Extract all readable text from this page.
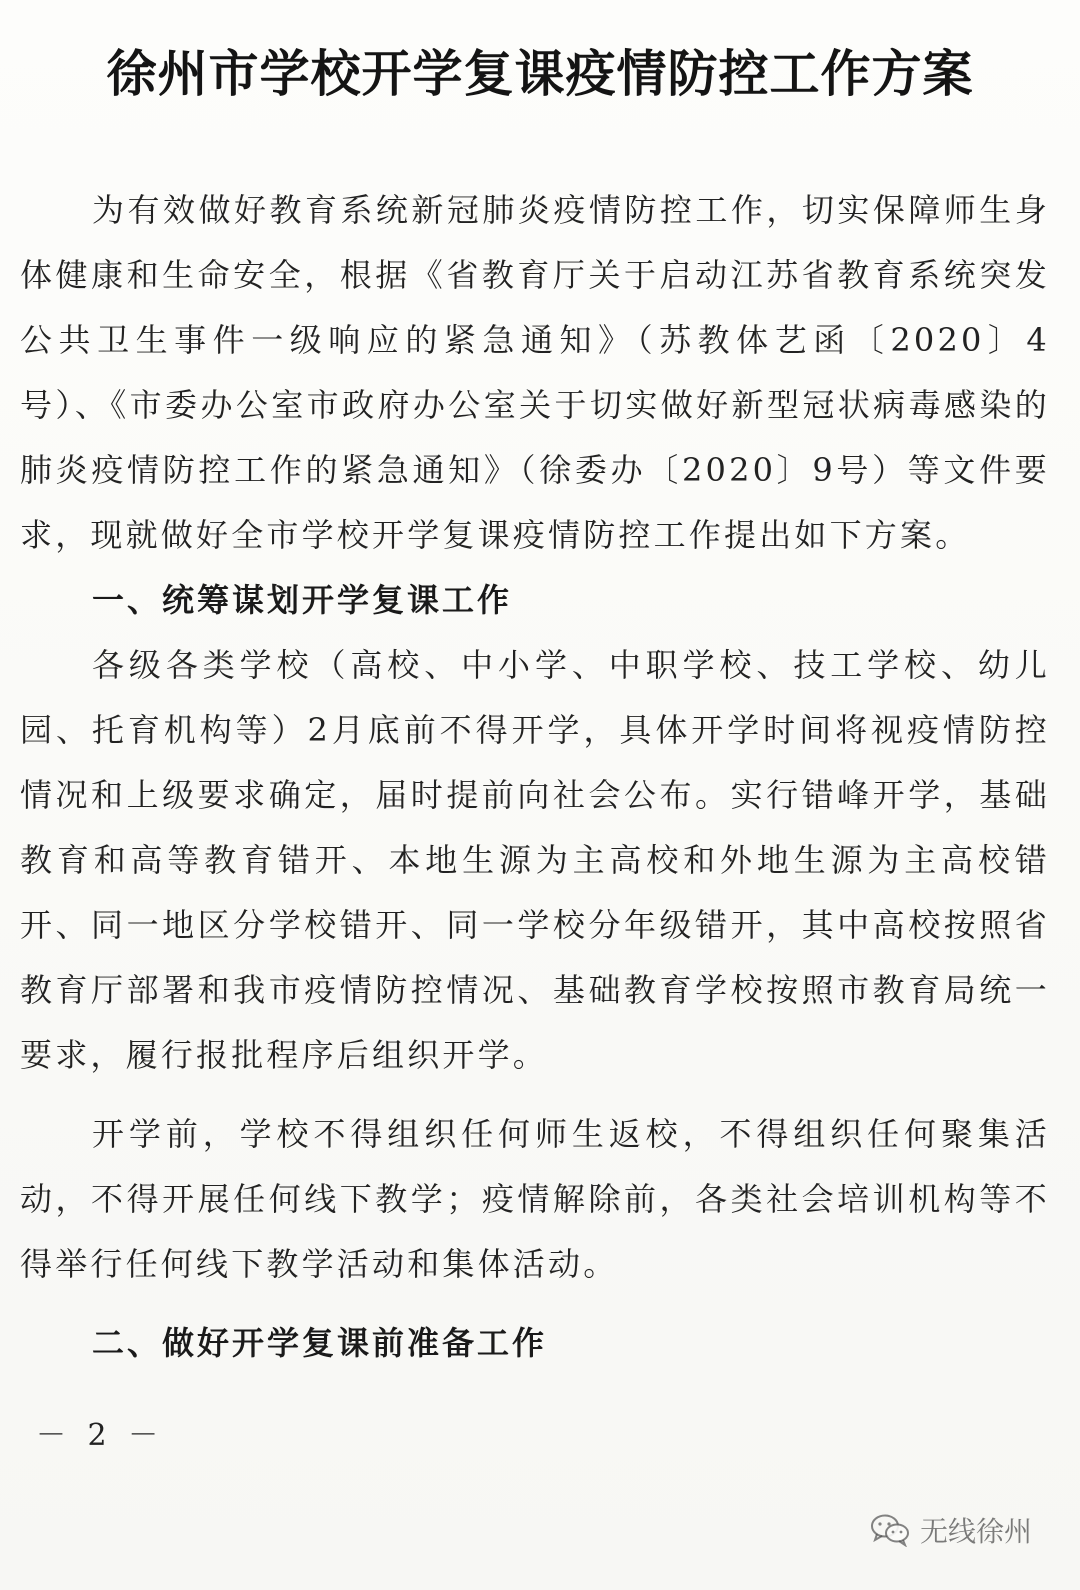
徐州市学校开学复课疫情防控工作方案

为有效做好教育系统新冠肺炎疫情防控工作，切实保障师生身体健康和生命安全，根据《省教育厅关于启动江苏省教育系统突发公共卫生事件一级响应的紧急通知》（苏教体艺函〔2020〕4号）、《市委办公室市政府办公室关于切实做好新型冠状病毒感染的肺炎疫情防控工作的紧急通知》（徐委办〔2020〕9号）等文件要求，现就做好全市学校开学复课疫情防控工作提出如下方案。

一、统筹谋划开学复课工作

各级各类学校（高校、中小学、中职学校、技工学校、幼儿园、托育机构等）2月底前不得开学，具体开学时间将视疫情防控情况和上级要求确定，届时提前向社会公布。实行错峰开学，基础教育和高等教育错开、本地生源为主高校和外地生源为主高校错开、同一地区分学校错开、同一学校分年级错开，其中高校按照省教育厅部署和我市疫情防控情况、基础教育学校按照市教育局统一要求，履行报批程序后组织开学。

开学前，学校不得组织任何师生返校，不得组织任何聚集活动，不得开展任何线下教学；疫情解除前，各类社会培训机构等不得举行任何线下教学活动和集体活动。

二、做好开学复课前准备工作

－ 2 －
无线徐州
